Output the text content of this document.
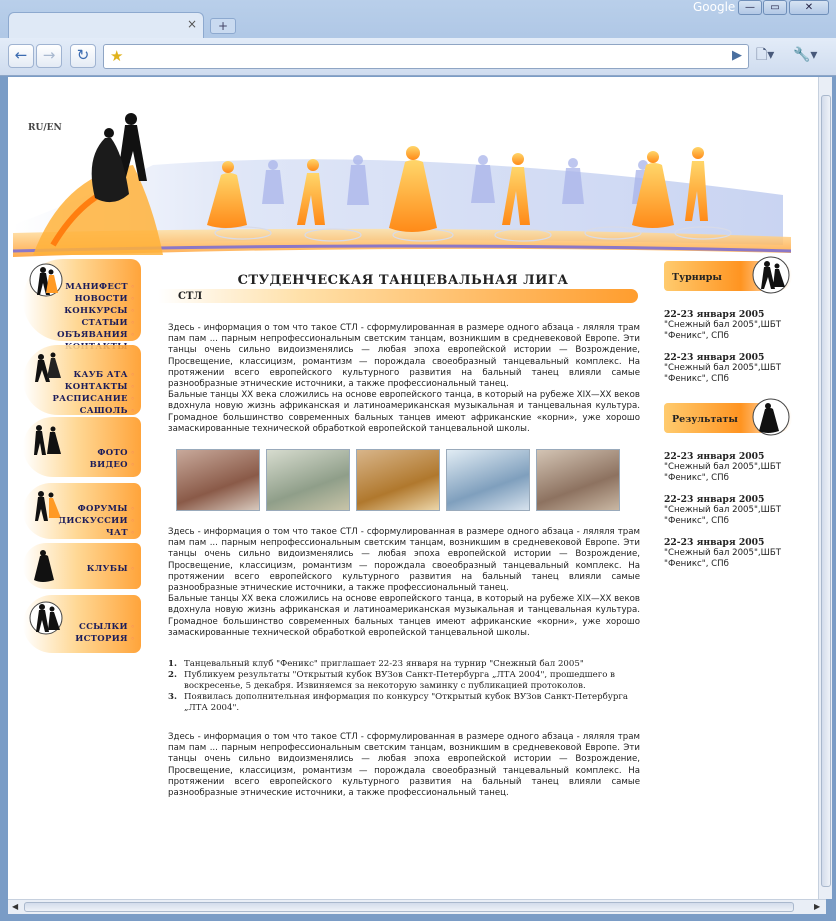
×	+
Google —	▭	✕
←	→	↻	★	▶ 🗋▾ 🔧▾
RU/EN
СТУДЕНЧЕСКАЯ ТАНЦЕВАЛЬНАЯ ЛИГА
СТЛ
МАНИФЕСТ ◦
НОВОСТИ ◦
КОНКУРСЫ ◦
СТАТЫИ ◦
ОБЪЯВАНИЯ ◦
◦
КАУБ АТА ◦
КОНТАКТЫ ◦
РАСПИСАНИЕ ◦
САШОЛЬ ◦
ФОТО ◦
ВИДЕО ◦
ФОРУМЫ ◦
ДИСКУССИИ ◦
ЧАТ ◦
КЛУБЫ ◦
ССЫЛКИ ◦
ИСТОРИЯ ◦

Здесь - информация о том что такое СТЛ - сформулированная в размере одного абзаца - ляляля трам пам пам ... парным непрофессиональным светским танцам, возникшим в средневековой Европе. Эти танцы очень сильно видоизменялись — любая эпоха европейской истории — Возрождение, Просвещение, классицизм, романтизм — порождала своеобразный танцевальный комплекс. На протяжении всего европейского культурного развития на бальный танец влияли самые разнообразные этнические источники, а также профессиональный танец.

Бальные танцы XX века сложились на основе европейского танца, в который на рубеже XIX—XX веков вдохнула новую жизнь африканская и латиноамериканская музыкальная и танцевальная культура. Громадное большинство современных бальных танцев имеют африканские «корни», уже хорошо замаскированные технической обработкой европейской танцевальной школы.

Здесь - информация о том что такое СТЛ - сформулированная в размере одного абзаца - ляляля трам пам пам ... парным непрофессиональным светским танцам, возникшим в средневековой Европе. Эти танцы очень сильно видоизменялись — любая эпоха европейской истории — Возрождение, Просвещение, классицизм, романтизм — порождала своеобразный танцевальный комплекс. На протяжении всего европейского культурного развития на бальный танец влияли самые разнообразные этнические источники, а также профессиональный танец.

Бальные танцы XX века сложились на основе европейского танца, в который на рубеже XIX—XX веков вдохнула новую жизнь африканская и латиноамериканская музыкальная и танцевальная культура. Громадное большинство современных бальных танцев имеют африканские «корни», уже хорошо замаскированные технической обработкой европейской танцевальной школы.

Танцевальный клуб "Феникс" приглашает 22-23 января на турнир "Снежный бал 2005"
Публикуем результаты "Открытый кубок ВУЗов Санкт-Петербурга „ЛТА 2004", прошедшего в воскресенье, 5 декабря. Извиняемся за некоторую заминку с публикацией протоколов.
Появилась дополнительная информация по конкурсу "Открытый кубок ВУЗов Санкт-Петербурга „ЛТА 2004".

Здесь - информация о том что такое СТЛ - сформулированная в размере одного абзаца - ляляля трам пам пам ... парным непрофессиональным светским танцам, возникшим в средневековой Европе. Эти танцы очень сильно видоизменялись — любая эпоха европейской истории — Возрождение, Просвещение, классицизм, романтизм — порождала своеобразный танцевальный комплекс. На протяжении всего европейского культурного развития на бальный танец влияли самые разнообразные этнические источники, а также профессиональный танец.

Турниры
22-23 января 2005
"Снежный бал 2005",ШБТ "Феникс", СПб
22-23 января 2005
"Снежный бал 2005",ШБТ "Феникс", СПб
Результаты
22-23 января 2005
"Снежный бал 2005",ШБТ "Феникс", СПб
22-23 января 2005
"Снежный бал 2005",ШБТ "Феникс", СПб
22-23 января 2005
"Снежный бал 2005",ШБТ "Феникс", СПб
◀	▶
